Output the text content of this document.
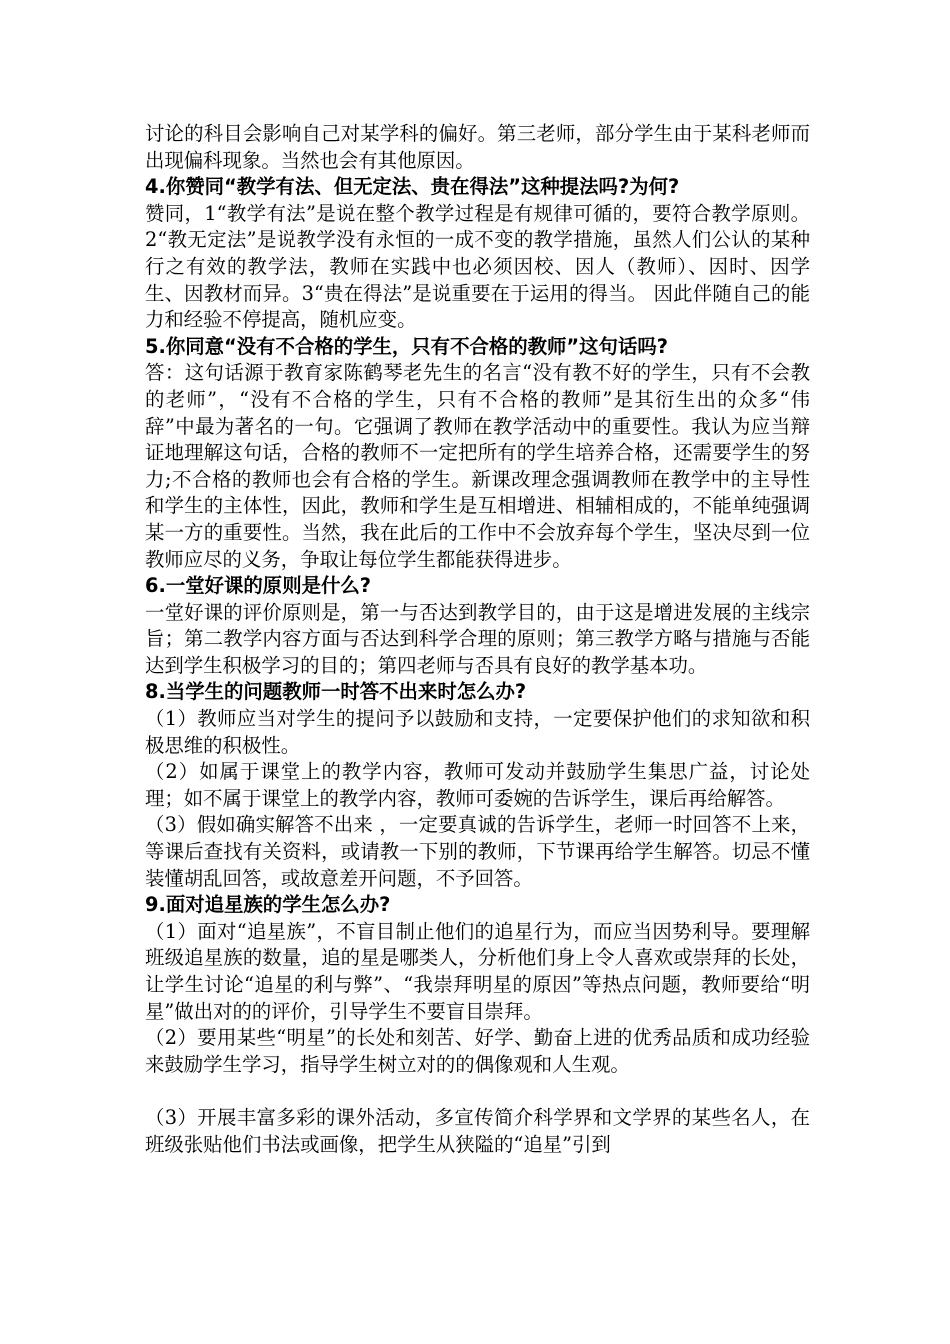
讨论的科目会影响自己对某学科的偏好。第三老师，部分学生由于某科老师而出现偏科现象。当然也会有其他原因。

4.你赞同“教学有法、但无定法、贵在得法”这种提法吗?为何?

赞同，1“教学有法”是说在整个教学过程是有规律可循的，要符合教学原则。2“教无定法”是说教学没有永恒的一成不变的教学措施，虽然人们公认的某种行之有效的教学法，教师在实践中也必须因校、因人（教师）、因时、因学生、因教材而异。3“贵在得法”是说重要在于运用的得当。 因此伴随自己的能力和经验不停提高，随机应变。

5.你同意“没有不合格的学生，只有不合格的教师”这句话吗?

答：这句话源于教育家陈鹤琴老先生的名言“没有教不好的学生，只有不会教的老师”，“没有不合格的学生，只有不合格的教师”是其衍生出的众多“伟辞”中最为著名的一句。它强调了教师在教学活动中的重要性。我认为应当辩证地理解这句话，合格的教师不一定把所有的学生培养合格，还需要学生的努力;不合格的教师也会有合格的学生。新课改理念强调教师在教学中的主导性和学生的主体性，因此，教师和学生是互相增进、相辅相成的，不能单纯强调某一方的重要性。当然，我在此后的工作中不会放弃每个学生，坚决尽到一位教师应尽的义务，争取让每位学生都能获得进步。

6.一堂好课的原则是什么?

一堂好课的评价原则是，第一与否达到教学目的，由于这是增进发展的主线宗旨；第二教学内容方面与否达到科学合理的原则；第三教学方略与措施与否能达到学生积极学习的目的；第四老师与否具有良好的教学基本功。

8.当学生的问题教师一时答不出来时怎么办?

（1）教师应当对学生的提问予以鼓励和支持，一定要保护他们的求知欲和积极思维的积极性。

（2）如属于课堂上的教学内容，教师可发动并鼓励学生集思广益，讨论处理；如不属于课堂上的教学内容，教师可委婉的告诉学生，课后再给解答。

（3）假如确实解答不出来 ，一定要真诚的告诉学生，老师一时回答不上来，等课后查找有关资料，或请教一下别的教师，下节课再给学生解答。切忌不懂装懂胡乱回答，或故意差开问题，不予回答。

9.面对追星族的学生怎么办?

（1）面对“追星族”，不盲目制止他们的追星行为，而应当因势利导。要理解班级追星族的数量，追的星是哪类人，分析他们身上令人喜欢或崇拜的长处，让学生讨论“追星的利与弊”、“我崇拜明星的原因”等热点问题，教师要给“明星”做出对的的评价，引导学生不要盲目崇拜。

（2）要用某些“明星”的长处和刻苦、好学、勤奋上进的优秀品质和成功经验来鼓励学生学习，指导学生树立对的的偶像观和人生观。

（3）开展丰富多彩的课外活动，多宣传简介科学界和文学界的某些名人，在班级张贴他们书法或画像，把学生从狭隘的“追星”引到
